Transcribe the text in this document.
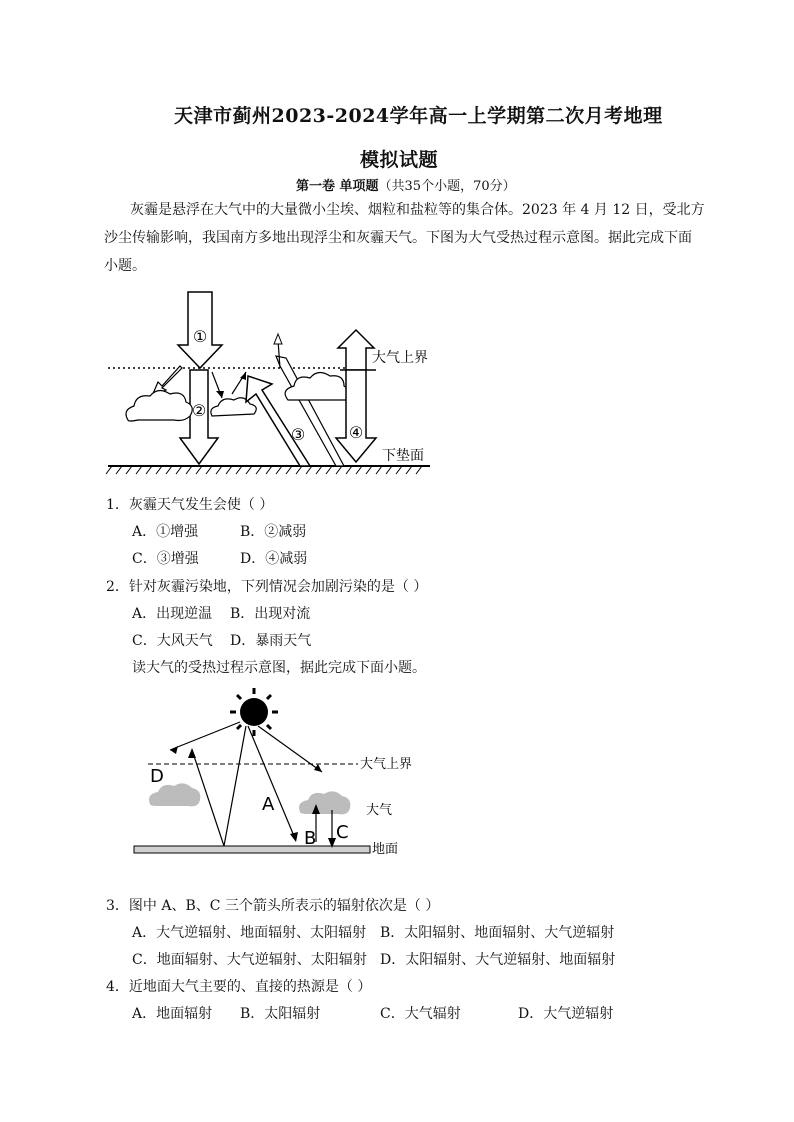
天津市蓟州2023-2024学年高一上学期第二次月考地理
模拟试题
第一卷 单项题（共35个小题，70分）
灰霾是悬浮在大气中的大量微小尘埃、烟粒和盐粒等的集合体。2023 年 4 月 12 日，受北方
沙尘传输影响，我国南方多地出现浮尘和灰霾天气。下图为大气受热过程示意图。据此完成下面
小题。
①
②
③	④
大气上界
下垫面
1．灰霾天气发生会使（ ）
A．①增强	B．②减弱
C．③增强	D．④减弱
2．针对灰霾污染地，下列情况会加剧污染的是（ ）
A．出现逆温 B．出现对流
C．大风天气 D．暴雨天气
读大气的受热过程示意图，据此完成下面小题。
D
A
B C
大气上界
大气
地面
3．图中 A、B、C 三个箭头所表示的辐射依次是（ ）
A．大气逆辐射、地面辐射、太阳辐射 B．太阳辐射、地面辐射、大气逆辐射
C．地面辐射、大气逆辐射、太阳辐射 D．太阳辐射、大气逆辐射、地面辐射
4．近地面大气主要的、直接的热源是（ ）
A．地面辐射 B．太阳辐射	C．大气辐射	D．大气逆辐射
